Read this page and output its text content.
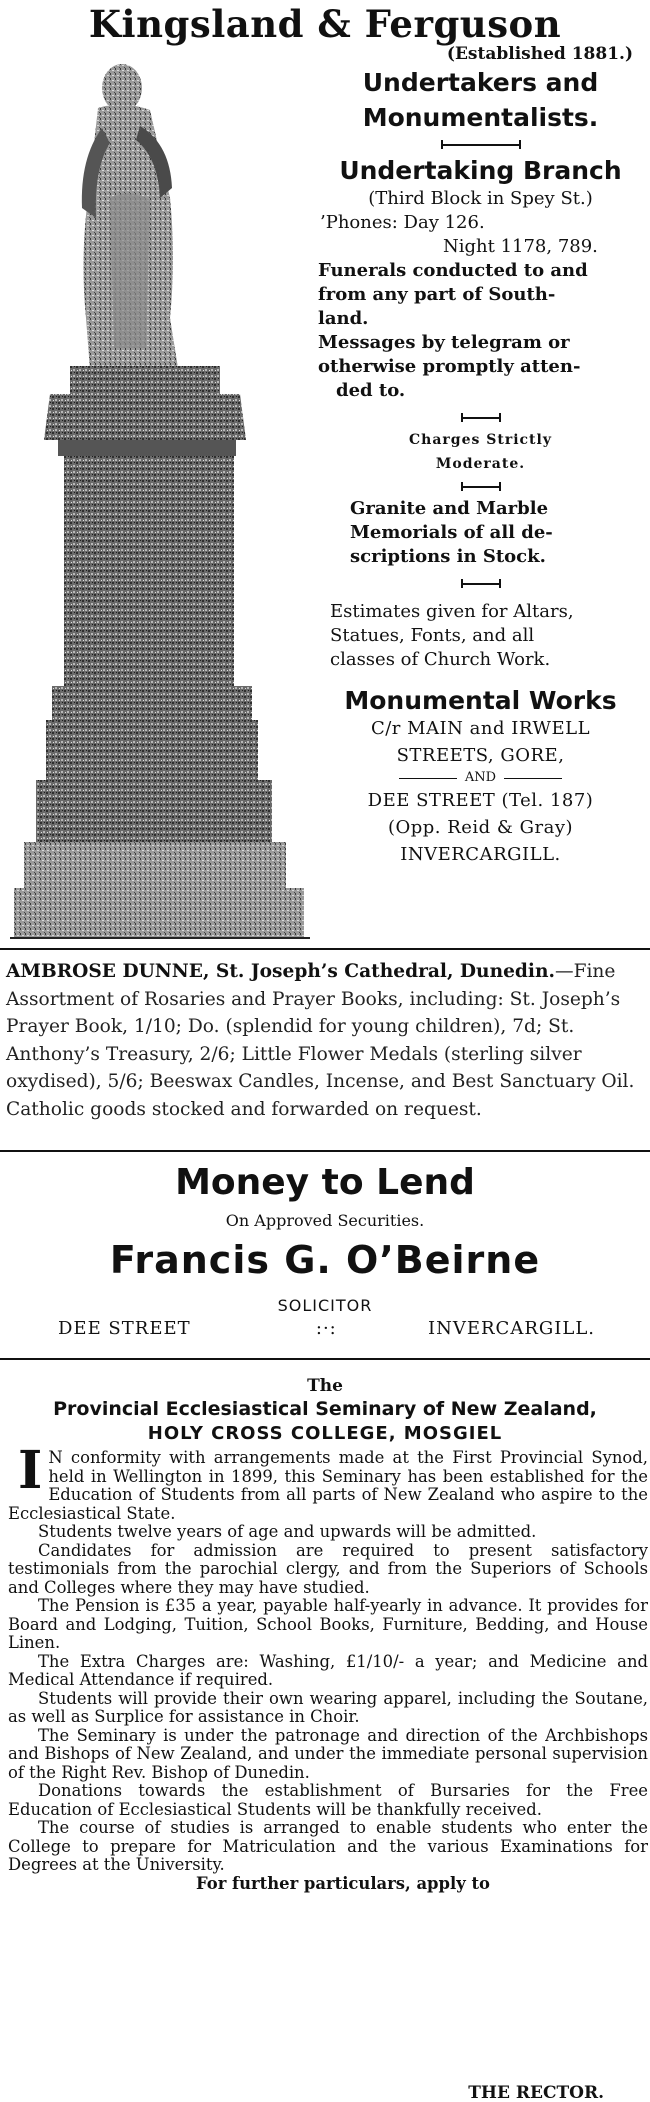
Kingsland & Ferguson
(Established 1881.)
Undertakers and
Monumentalists.
Undertaking Branch
(Third Block in Spey St.)
’Phones: Day 126.
Night 1178, 789.
Funerals conducted to and
from any part of South-
land.
Messages by telegram or
otherwise promptly atten-
ded to.
Charges Strictly
Moderate.
Granite and Marble
Memorials of all de-
scriptions in Stock.
Estimates given for Altars,
Statues, Fonts, and all
classes of Church Work.
Monumental Works
C/r MAIN and IRWELL
STREETS, GORE,
AND
DEE STREET (Tel. 187)
(Opp. Reid & Gray)
INVERCARGILL.
AMBROSE DUNNE, St. Joseph’s Cathedral, Dunedin.—Fine Assortment of Rosaries and Prayer Books, including: St. Joseph’s Prayer Book, 1/10; Do. (splendid for young children), 7d; St. Anthony’s Treasury, 2/6; Little Flower Medals (sterling silver oxydised), 5/6; Beeswax Candles, Incense, and Best Sanctuary Oil. Catholic goods stocked and forwarded on request.
Money to Lend
On Approved Securities.
Francis G. O’Beirne
SOLICITOR
DEE STREET	:·:	INVERCARGILL.
The
Provincial Ecclesiastical Seminary of New Zealand,
HOLY CROSS COLLEGE, MOSGIEL
I N conformity with arrangements made at the First Provincial Synod, held in Wellington in 1899, this Seminary has been established for the Education of Students from all parts of New Zealand who aspire to the Ecclesiastical State.

Students twelve years of age and upwards will be admitted.

Candidates for admission are required to present satisfactory testimonials from the parochial clergy, and from the Superiors of Schools and Colleges where they may have studied.

The Pension is £35 a year, payable half-yearly in advance. It provides for Board and Lodging, Tuition, School Books, Furniture, Bedding, and House Linen.

The Extra Charges are: Washing, £1/10/- a year; and Medicine and Medical Attendance if required.

Students will provide their own wearing apparel, including the Soutane, as well as Surplice for assistance in Choir.

The Seminary is under the patronage and direction of the Archbishops and Bishops of New Zealand, and under the immediate personal supervision of the Right Rev. Bishop of Dunedin.

Donations towards the establishment of Bursaries for the Free Education of Ecclesiastical Students will be thankfully received.

The course of studies is arranged to enable students who enter the College to prepare for Matriculation and the various Examinations for Degrees at the University.

For further particulars, apply to

THE RECTOR.
